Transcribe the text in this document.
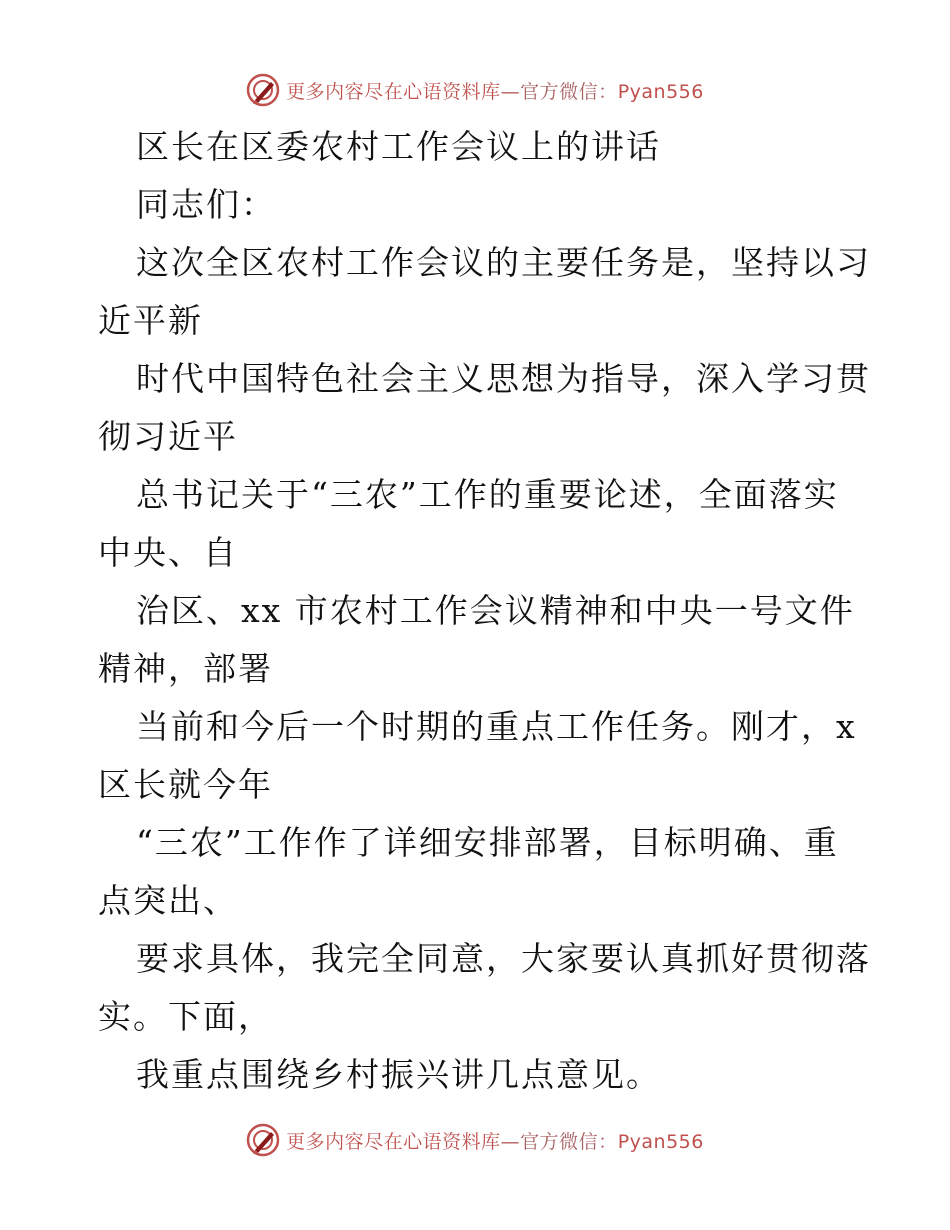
更多内容尽在心语资料库—官方微信：Pyan556
区长在区委农村工作会议上的讲话
同志们：
这次全区农村工作会议的主要任务是，坚持以习
近平新
时代中国特色社会主义思想为指导，深入学习贯
彻习近平
总书记关于“三农”工作的重要论述，全面落实
中央、自
治区、xx 市农村工作会议精神和中央一号文件
精神，部署
当前和今后一个时期的重点工作任务。刚才，x
区长就今年
“三农”工作作了详细安排部署，目标明确、重
点突出、
要求具体，我完全同意，大家要认真抓好贯彻落
实。下面，
我重点围绕乡村振兴讲几点意见。
更多内容尽在心语资料库—官方微信：Pyan556
